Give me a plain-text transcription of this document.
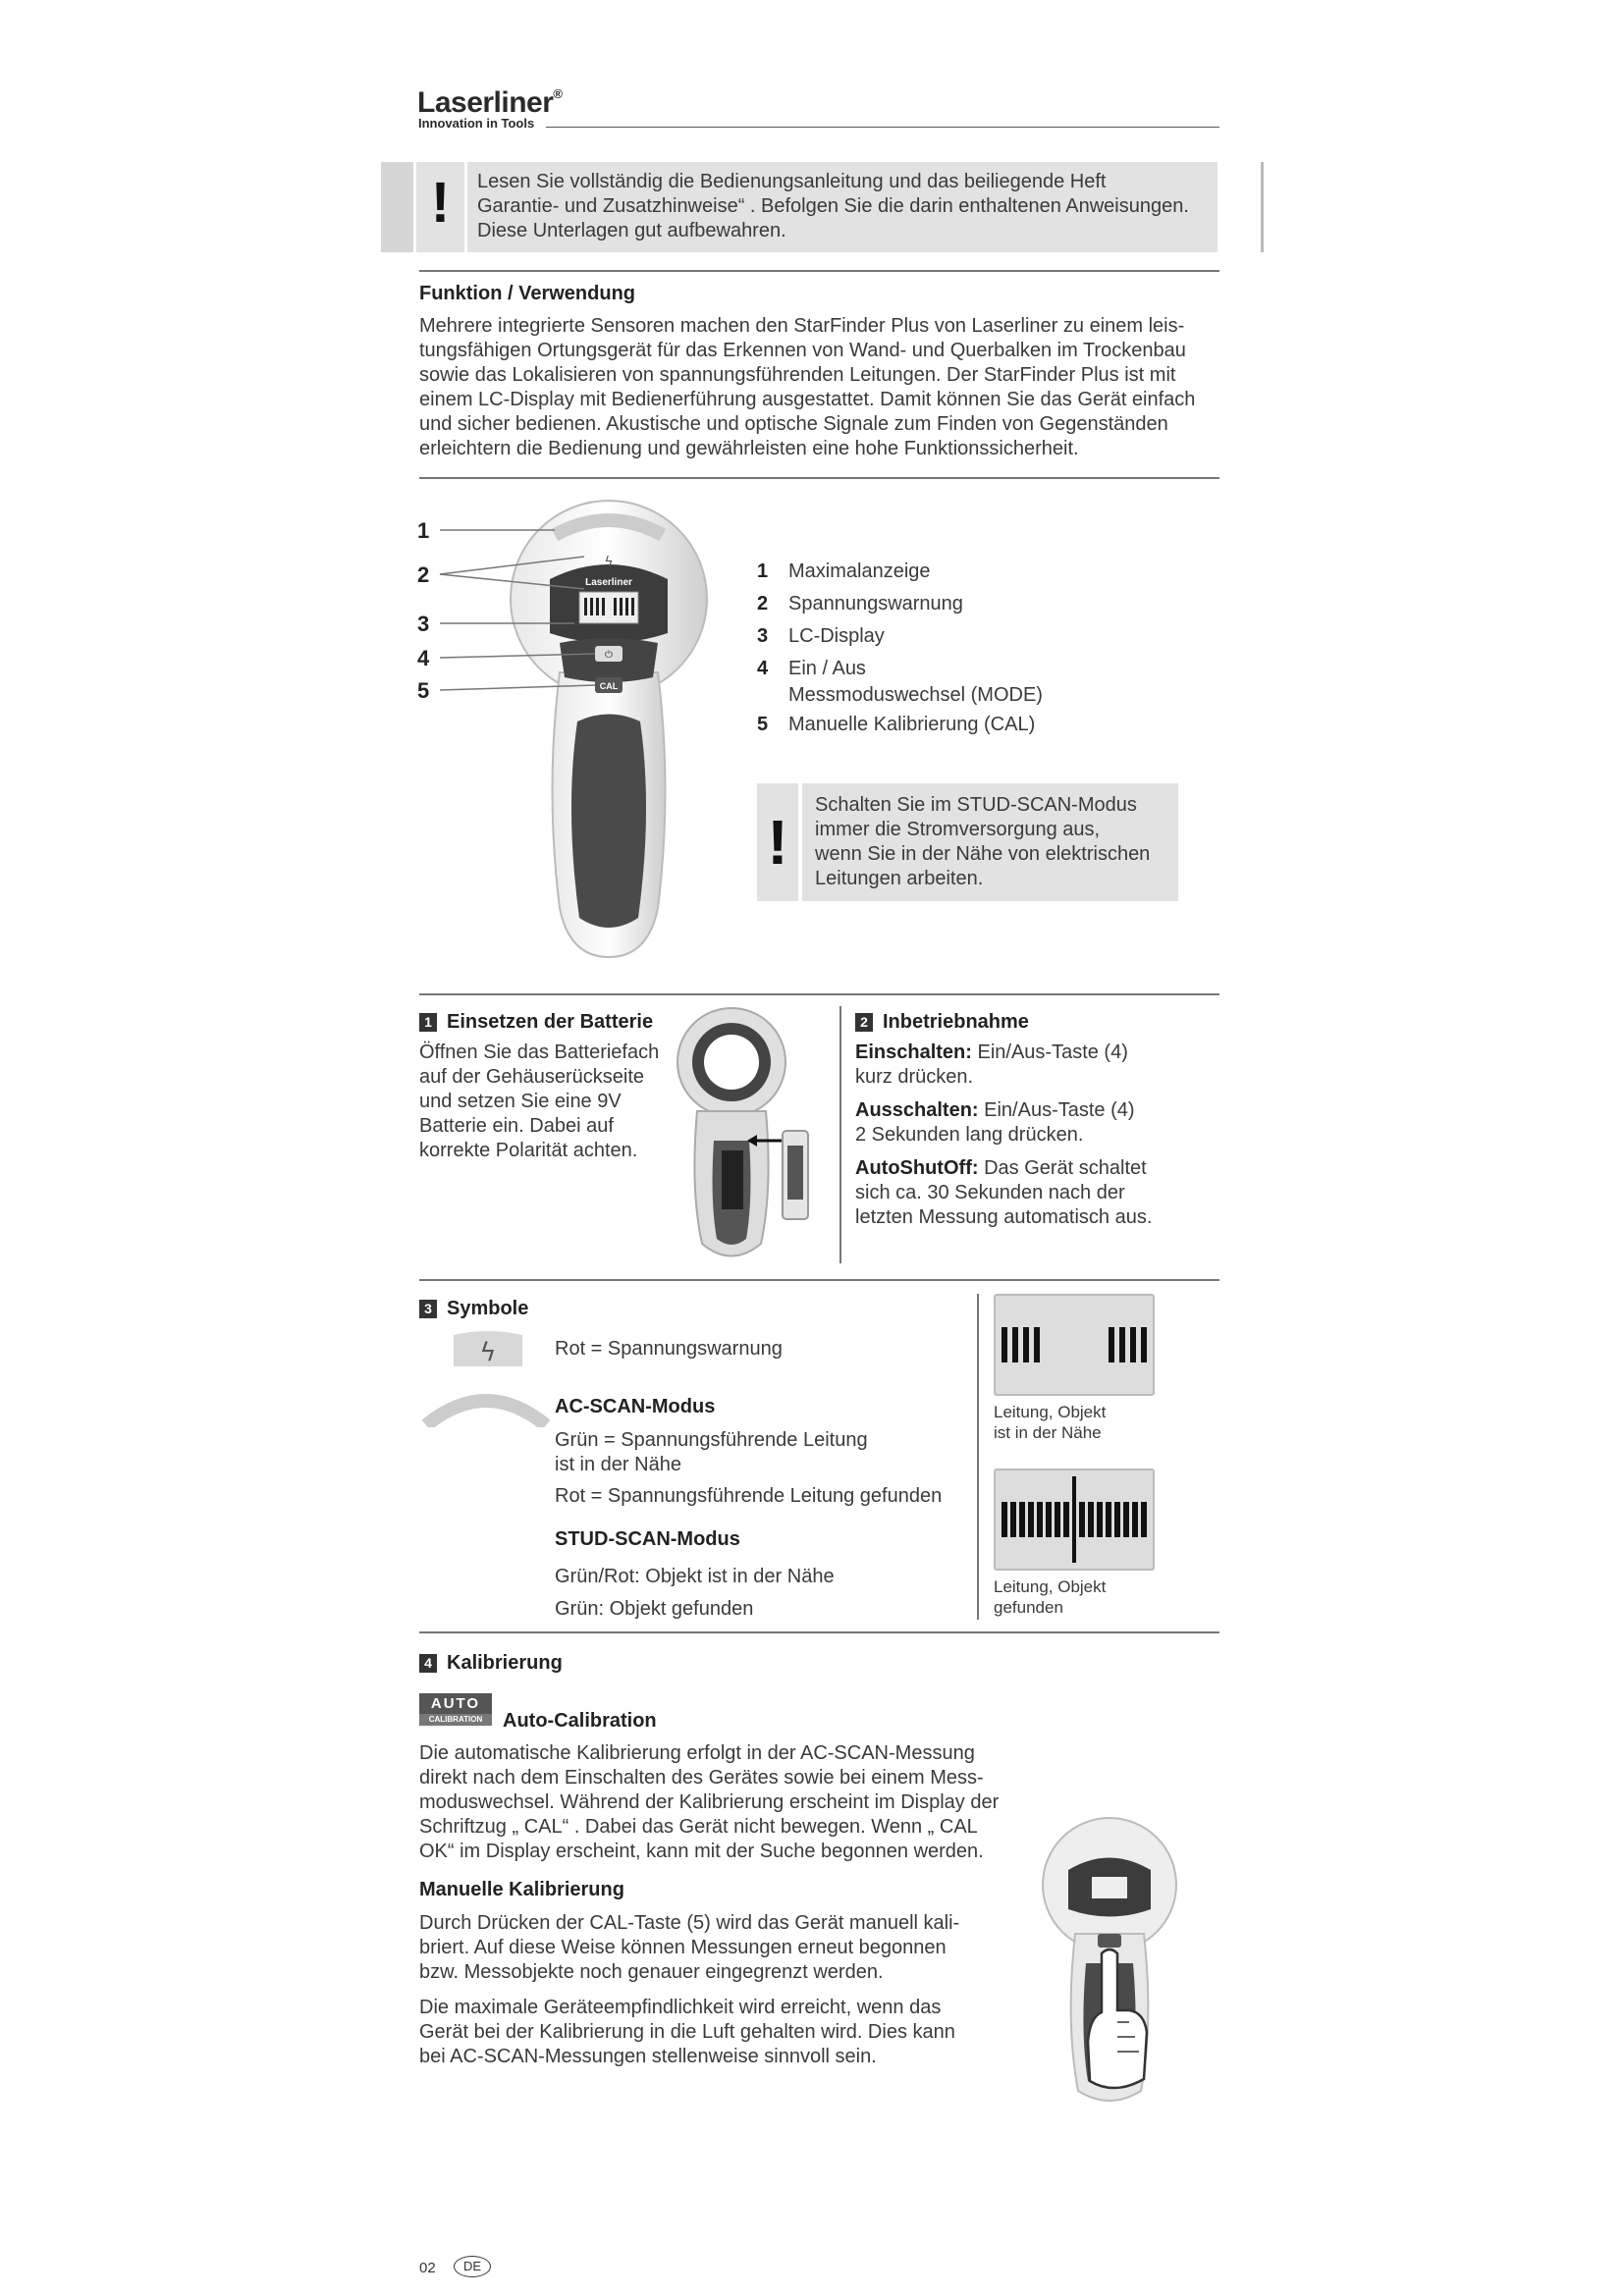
Laserliner®
Innovation in Tools
!	Lesen Sie vollständig die Bedienungsanleitung und das beiliegende Heft
Garantie- und Zusatzhinweise“ . Befolgen Sie die darin enthaltenen Anweisungen.
Diese Unterlagen gut aufbewahren.
Funktion / Verwendung
Mehrere integrierte Sensoren machen den StarFinder Plus von Laserliner zu einem leis-
tungsfähigen Ortungsgerät für das Erkennen von Wand- und Querbalken im Trockenbau
sowie das Lokalisieren von spannungsführenden Leitungen. Der StarFinder Plus ist mit
einem LC-Display mit Bedienerführung ausgestattet. Damit können Sie das Gerät einfach
und sicher bedienen. Akustische und optische Signale zum Finden von Gegenständen
erleichtern die Bedienung und gewährleisten eine hohe Funktionssicherheit.
Laserliner
ϟ
⏻
CAL
1
2
3
4
5
1 Maximalanzeige
2 Spannungswarnung
3 LC-Display
4 Ein / Aus
Messmoduswechsel (MODE)
5 Manuelle Kalibrierung (CAL)
!
Schalten Sie im STUD-SCAN-Modus
immer die Stromversorgung aus,
wenn Sie in der Nähe von elektrischen
Leitungen arbeiten.
1 Einsetzen der Batterie
Öffnen Sie das Batteriefach
auf der Gehäuserückseite
und setzen Sie eine 9V
Batterie ein. Dabei auf
korrekte Polarität achten.
2 Inbetriebnahme
Einschalten: Ein/Aus-Taste (4)
kurz drücken.
Ausschalten: Ein/Aus-Taste (4)
2 Sekunden lang drücken.
AutoShutOff: Das Gerät schaltet
sich ca. 30 Sekunden nach der
letzten Messung automatisch aus.
3 Symbole
ϟ	Rot = Spannungswarnung
AC-SCAN-Modus
Grün = Spannungsführende Leitung
ist in der Nähe
Rot = Spannungsführende Leitung gefunden
STUD-SCAN-Modus
Grün/Rot: Objekt ist in der Nähe
Grün: Objekt gefunden
Leitung, Objekt
ist in der Nähe
Leitung, Objekt
gefunden
4 Kalibrierung
AUTO
CALIBRATION	Auto-Calibration
Die automatische Kalibrierung erfolgt in der AC-SCAN-Messung
direkt nach dem Einschalten des Gerätes sowie bei einem Mess-
moduswechsel. Während der Kalibrierung erscheint im Display der
Schriftzug „ CAL“ . Dabei das Gerät nicht bewegen. Wenn „ CAL
OK“ im Display erscheint, kann mit der Suche begonnen werden.
Manuelle Kalibrierung
Durch Drücken der CAL-Taste (5) wird das Gerät manuell kali-
briert. Auf diese Weise können Messungen erneut begonnen
bzw. Messobjekte noch genauer eingegrenzt werden.
Die maximale Geräteempfindlichkeit wird erreicht, wenn das
Gerät bei der Kalibrierung in die Luft gehalten wird. Dies kann
bei AC-SCAN-Messungen stellenweise sinnvoll sein.
02	DE
